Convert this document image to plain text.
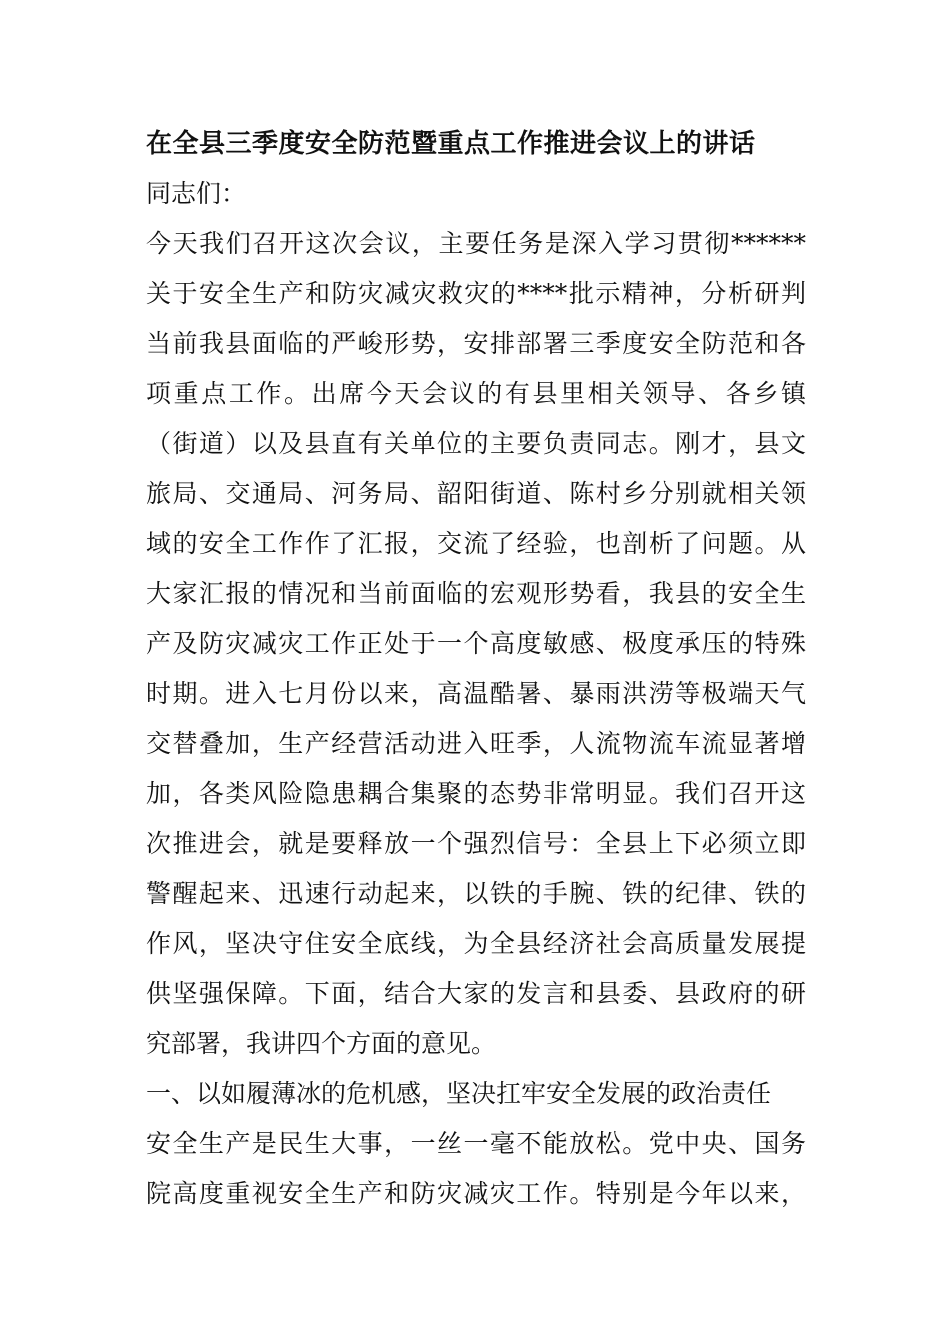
在全县三季度安全防范暨重点工作推进会议上的讲话

同志们：

今天我们召开这次会议，主要任务是深入学习贯彻******

关于安全生产和防灾减灾救灾的****批示精神，分析研判

当前我县面临的严峻形势，安排部署三季度安全防范和各

项重点工作。出席今天会议的有县里相关领导、各乡镇

（街道）以及县直有关单位的主要负责同志。刚才，县文

旅局、交通局、河务局、韶阳街道、陈村乡分别就相关领

域的安全工作作了汇报，交流了经验，也剖析了问题。从

大家汇报的情况和当前面临的宏观形势看，我县的安全生

产及防灾减灾工作正处于一个高度敏感、极度承压的特殊

时期。进入七月份以来，高温酷暑、暴雨洪涝等极端天气

交替叠加，生产经营活动进入旺季，人流物流车流显著增

加，各类风险隐患耦合集聚的态势非常明显。我们召开这

次推进会，就是要释放一个强烈信号：全县上下必须立即

警醒起来、迅速行动起来，以铁的手腕、铁的纪律、铁的

作风，坚决守住安全底线，为全县经济社会高质量发展提

供坚强保障。下面，结合大家的发言和县委、县政府的研

究部署，我讲四个方面的意见。

一、以如履薄冰的危机感，坚决扛牢安全发展的政治责任

安全生产是民生大事，一丝一毫不能放松。党中央、国务

院高度重视安全生产和防灾减灾工作。特别是今年以来，
